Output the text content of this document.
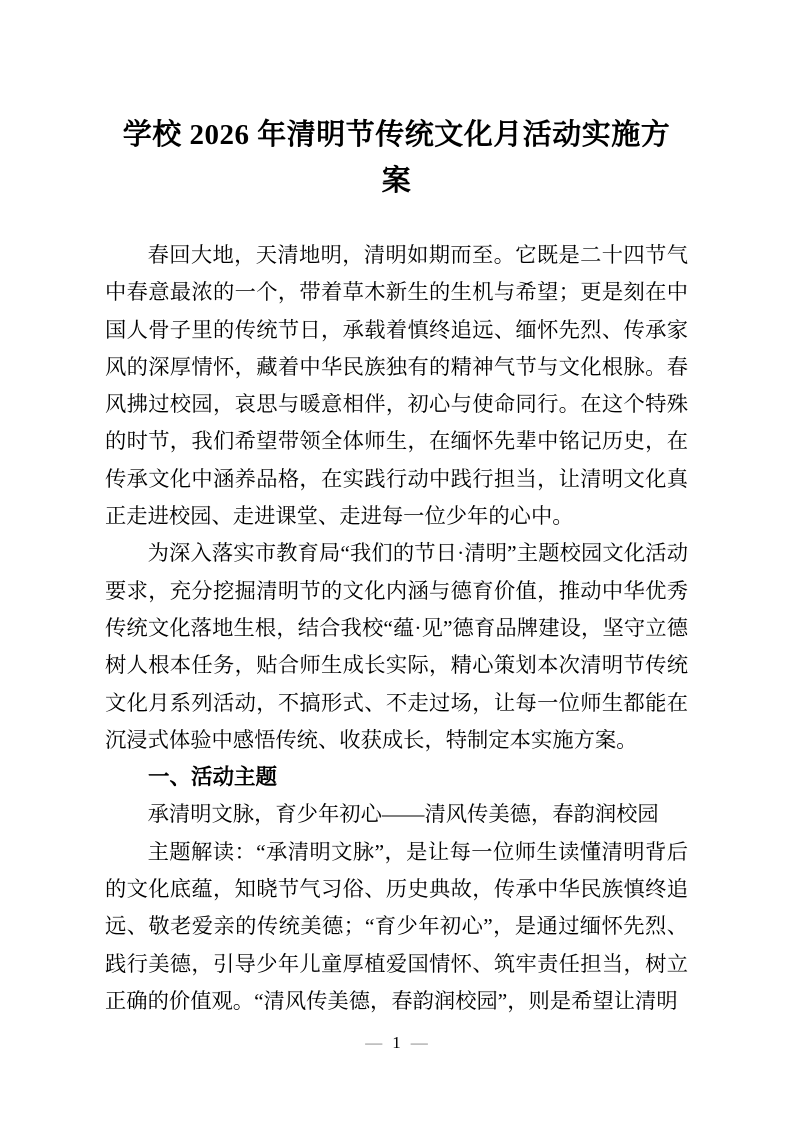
学校 2026 年清明节传统文化月活动实施方案

春回大地，天清地明，清明如期而至。它既是二十四节气中春意最浓的一个，带着草木新生的生机与希望；更是刻在中国人骨子里的传统节日，承载着慎终追远、缅怀先烈、传承家风的深厚情怀，藏着中华民族独有的精神气节与文化根脉。春风拂过校园，哀思与暖意相伴，初心与使命同行。在这个特殊的时节，我们希望带领全体师生，在缅怀先辈中铭记历史，在传承文化中涵养品格，在实践行动中践行担当，让清明文化真正走进校园、走进课堂、走进每一位少年的心中。

为深入落实市教育局“我们的节日·清明”主题校园文化活动要求，充分挖掘清明节的文化内涵与德育价值，推动中华优秀传统文化落地生根，结合我校“蕴·见”德育品牌建设，坚守立德树人根本任务，贴合师生成长实际，精心策划本次清明节传统文化月系列活动，不搞形式、不走过场，让每一位师生都能在沉浸式体验中感悟传统、收获成长，特制定本实施方案。

一、活动主题

承清明文脉，育少年初心——清风传美德，春韵润校园

主题解读：“承清明文脉”，是让每一位师生读懂清明背后的文化底蕴，知晓节气习俗、历史典故，传承中华民族慎终追远、敬老爱亲的传统美德；“育少年初心”，是通过缅怀先烈、践行美德，引导少年儿童厚植爱国情怀、筑牢责任担当，树立正确的价值观。“清风传美德，春韵润校园”，则是希望让清明

— 1 —
